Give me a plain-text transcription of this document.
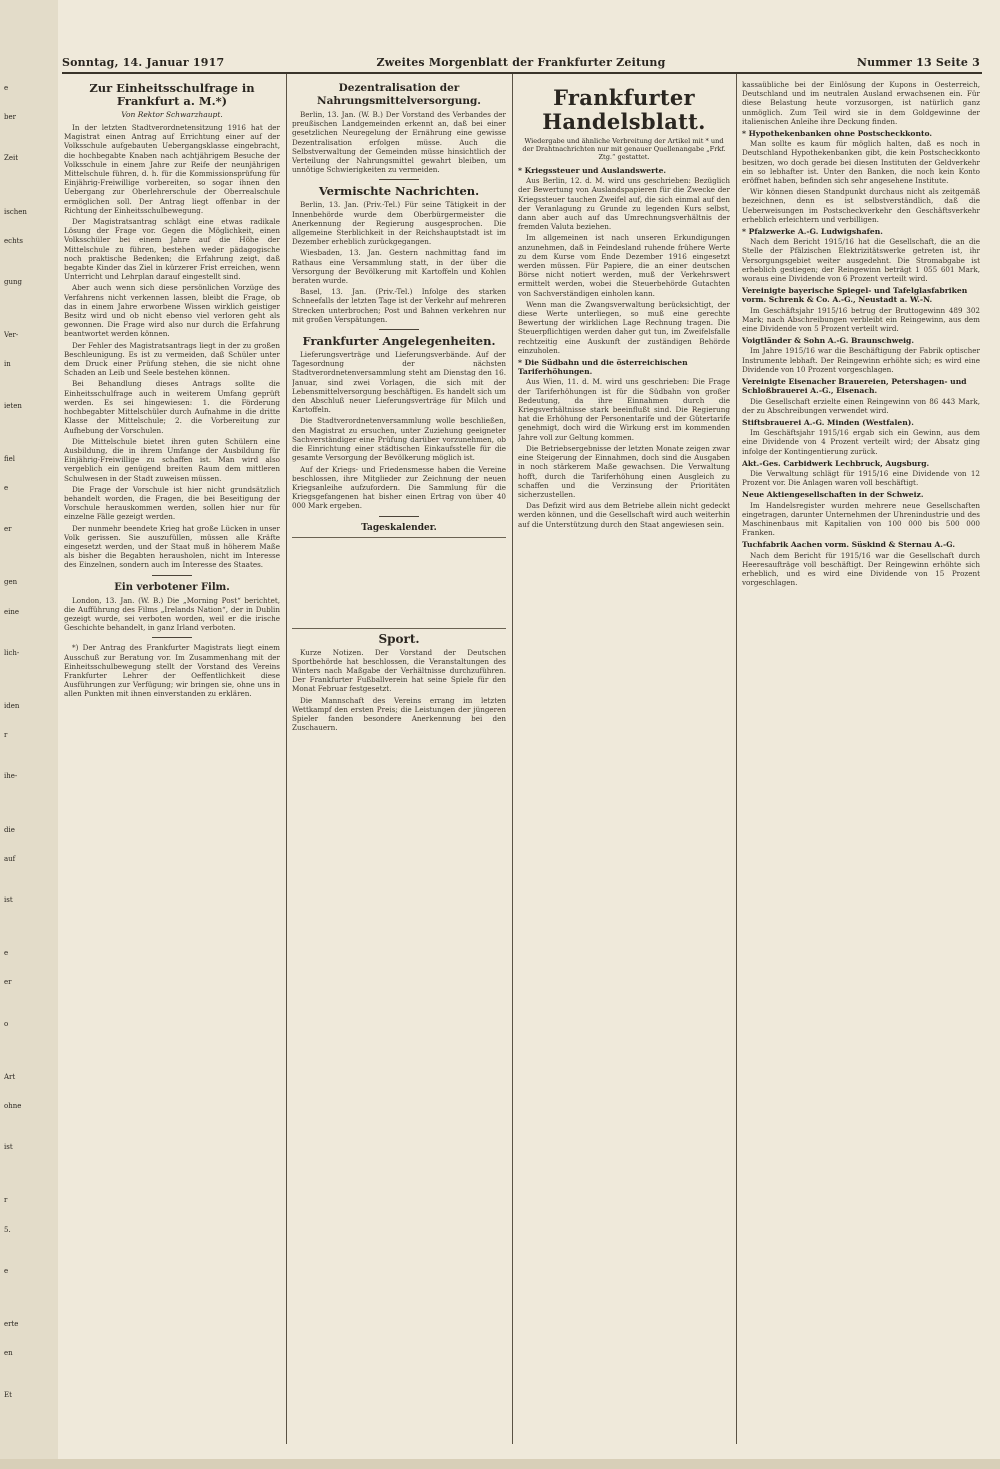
e
ber
Zeit
ischen
echts
gung
Ver-
in
ieten
fiel
e
er
gen
eine
lich-
iden
r
ihe-
die
auf
ist
e
er
o
Art
ohne
ist
r
5.
e
erte
en
Et
Sonntag, 14. Januar 1917	Zweites Morgenblatt der Frankfurter Zeitung	Nummer 13 Seite 3
Zur Einheitsschulfrage in Frankfurt a. M.*)
Von Rektor Schwarzhaupt.

In der letzten Stadtverordnetensitzung 1916 hat der Magistrat einen Antrag auf Errichtung einer auf der Volksschule aufgebauten Uebergangsklasse eingebracht, die hochbegabte Knaben nach achtjährigem Besuche der Volksschule in einem Jahre zur Reife der neunjährigen Mittelschule führen, d. h. für die Kommissionsprüfung für Einjährig-Freiwillige vorbereiten, so sogar ihnen den Uebergang zur Oberlehrerschule der Oberrealschule ermöglichen soll. Der Antrag liegt offenbar in der Richtung der Einheitsschulbewegung.

Der Magistratsantrag schlägt eine etwas radikale Lösung der Frage vor. Gegen die Möglichkeit, einen Volksschüler bei einem Jahre auf die Höhe der Mittelschule zu führen, bestehen weder pädagogische noch praktische Bedenken; die Erfahrung zeigt, daß begabte Kinder das Ziel in kürzerer Frist erreichen, wenn Unterricht und Lehrplan darauf eingestellt sind.

Aber auch wenn sich diese persönlichen Vorzüge des Verfahrens nicht verkennen lassen, bleibt die Frage, ob das in einem Jahre erworbene Wissen wirklich geistiger Besitz wird und ob nicht ebenso viel verloren geht als gewonnen. Die Frage wird also nur durch die Erfahrung beantwortet werden können.

Der Fehler des Magistratsantrags liegt in der zu großen Beschleunigung. Es ist zu vermeiden, daß Schüler unter dem Druck einer Prüfung stehen, die sie nicht ohne Schaden an Leib und Seele bestehen können.

Bei Behandlung dieses Antrags sollte die Einheitsschulfrage auch in weiterem Umfang geprüft werden. Es sei hingewiesen: 1. die Förderung hochbegabter Mittelschüler durch Aufnahme in die dritte Klasse der Mittelschule; 2. die Vorbereitung zur Aufhebung der Vorschulen.

Die Mittelschule bietet ihren guten Schülern eine Ausbildung, die in ihrem Umfange der Ausbildung für Einjährig-Freiwillige zu schaffen ist. Man wird also vergeblich ein genügend breiten Raum dem mittleren Schulwesen in der Stadt zuweisen müssen.

Die Frage der Vorschule ist hier nicht grundsätzlich behandelt worden, die Fragen, die bei Beseitigung der Vorschule herauskommen werden, sollen hier nur für einzelne Fälle gezeigt werden.

Der nunmehr beendete Krieg hat große Lücken in unser Volk gerissen. Sie auszufüllen, müssen alle Kräfte eingesetzt werden, und der Staat muß in höherem Maße als bisher die Begabten herausholen, nicht im Interesse des Einzelnen, sondern auch im Interesse des Staates.

Ein verbotener Film.

London, 13. Jan. (W. B.) Die „Morning Post“ berichtet, die Aufführung des Films „Irelands Nation“, der in Dublin gezeigt wurde, sei verboten worden, weil er die irische Geschichte behandelt, in ganz Irland verboten.

*) Der Antrag des Frankfurter Magistrats liegt einem Ausschuß zur Beratung vor. Im Zusammenhang mit der Einheitsschulbewegung stellt der Vorstand des Vereins Frankfurter Lehrer der Oeffentlichkeit diese Ausführungen zur Verfügung; wir bringen sie, ohne uns in allen Punkten mit ihnen einverstanden zu erklären.

Dezentralisation der Nahrungsmittelversorgung.

Berlin, 13. Jan. (W. B.) Der Vorstand des Verbandes der preußischen Landgemeinden erkennt an, daß bei einer gesetzlichen Neuregelung der Ernährung eine gewisse Dezentralisation erfolgen müsse. Auch die Selbstverwaltung der Gemeinden müsse hinsichtlich der Verteilung der Nahrungsmittel gewahrt bleiben, um unnötige Schwierigkeiten zu vermeiden.

Vermischte Nachrichten.

Berlin, 13. Jan. (Priv.-Tel.) Für seine Tätigkeit in der Innenbehörde wurde dem Oberbürgermeister die Anerkennung der Regierung ausgesprochen. Die allgemeine Sterblichkeit in der Reichshauptstadt ist im Dezember erheblich zurückgegangen.

Wiesbaden, 13. Jan. Gestern nachmittag fand im Rathaus eine Versammlung statt, in der über die Versorgung der Bevölkerung mit Kartoffeln und Kohlen beraten wurde.

Basel, 13. Jan. (Priv.-Tel.) Infolge des starken Schneefalls der letzten Tage ist der Verkehr auf mehreren Strecken unterbrochen; Post und Bahnen verkehren nur mit großen Verspätungen.

Frankfurter Angelegenheiten.

Lieferungsverträge und Lieferungsverbände. Auf der Tagesordnung der nächsten Stadtverordnetenversammlung steht am Dienstag den 16. Januar, sind zwei Vorlagen, die sich mit der Lebensmittelversorgung beschäftigen. Es handelt sich um den Abschluß neuer Lieferungsverträge für Milch und Kartoffeln.

Die Stadtverordnetenversammlung wolle beschließen, den Magistrat zu ersuchen, unter Zuziehung geeigneter Sachverständiger eine Prüfung darüber vorzunehmen, ob die Einrichtung einer städtischen Einkaufsstelle für die gesamte Versorgung der Bevölkerung möglich ist.

Auf der Kriegs- und Friedensmesse haben die Vereine beschlossen, ihre Mitglieder zur Zeichnung der neuen Kriegsanleihe aufzufordern. Die Sammlung für die Kriegsgefangenen hat bisher einen Ertrag von über 40 000 Mark ergeben.

Tageskalender.
Sport.

Kurze Notizen. Der Vorstand der Deutschen Sportbehörde hat beschlossen, die Veranstaltungen des Winters nach Maßgabe der Verhältnisse durchzuführen. Der Frankfurter Fußballverein hat seine Spiele für den Monat Februar festgesetzt.

Die Mannschaft des Vereins errang im letzten Wettkampf den ersten Preis; die Leistungen der jüngeren Spieler fanden besondere Anerkennung bei den Zuschauern.

Frankfurter Handelsblatt.
Wiedergabe und ähnliche Verbreitung der Artikel mit * und der Drahtnachrichten nur mit genauer Quellenangabe „Frkf. Ztg.“ gestattet.
* Kriegssteuer und Auslandswerte.

Aus Berlin, 12. d. M. wird uns geschrieben: Bezüglich der Bewertung von Auslandspapieren für die Zwecke der Kriegssteuer tauchen Zweifel auf, die sich einmal auf den der Veranlagung zu Grunde zu legenden Kurs selbst, dann aber auch auf das Umrechnungsverhältnis der fremden Valuta beziehen.

Im allgemeinen ist nach unseren Erkundigungen anzunehmen, daß in Feindesland ruhende frühere Werte zu dem Kurse vom Ende Dezember 1916 eingesetzt werden müssen. Für Papiere, die an einer deutschen Börse nicht notiert werden, muß der Verkehrswert ermittelt werden, wobei die Steuerbehörde Gutachten von Sachverständigen einholen kann.

Wenn man die Zwangsverwaltung berücksichtigt, der diese Werte unterliegen, so muß eine gerechte Bewertung der wirklichen Lage Rechnung tragen. Die Steuerpflichtigen werden daher gut tun, im Zweifelsfalle rechtzeitig eine Auskunft der zuständigen Behörde einzuholen.

* Die Südbahn und die österreichischen Tariferhöhungen.

Aus Wien, 11. d. M. wird uns geschrieben: Die Frage der Tariferhöhungen ist für die Südbahn von großer Bedeutung, da ihre Einnahmen durch die Kriegsverhältnisse stark beeinflußt sind. Die Regierung hat die Erhöhung der Personentarife und der Gütertarife genehmigt, doch wird die Wirkung erst im kommenden Jahre voll zur Geltung kommen.

Die Betriebsergebnisse der letzten Monate zeigen zwar eine Steigerung der Einnahmen, doch sind die Ausgaben in noch stärkerem Maße gewachsen. Die Verwaltung hofft, durch die Tariferhöhung einen Ausgleich zu schaffen und die Verzinsung der Prioritäten sicherzustellen.

Das Defizit wird aus dem Betriebe allein nicht gedeckt werden können, und die Gesellschaft wird auch weiterhin auf die Unterstützung durch den Staat angewiesen sein.

kassaübliche bei der Einlösung der Kupons in Oesterreich, Deutschland und im neutralen Ausland erwachsenen ein. Für diese Belastung heute vorzusorgen, ist natürlich ganz unmöglich. Zum Teil wird sie in dem Goldgewinne der italienischen Anleihe ihre Deckung finden.

* Hypothekenbanken ohne Postscheckkonto.

Man sollte es kaum für möglich halten, daß es noch in Deutschland Hypothekenbanken gibt, die kein Postscheckkonto besitzen, wo doch gerade bei diesen Instituten der Geldverkehr ein so lebhafter ist. Unter den Banken, die noch kein Konto eröffnet haben, befinden sich sehr angesehene Institute.

Wir können diesen Standpunkt durchaus nicht als zeitgemäß bezeichnen, denn es ist selbstverständlich, daß die Ueberweisungen im Postscheckverkehr den Geschäftsverkehr erheblich erleichtern und verbilligen.

* Pfalzwerke A.-G. Ludwigshafen.

Nach dem Bericht 1915/16 hat die Gesellschaft, die an die Stelle der Pfälzischen Elektrizitätswerke getreten ist, ihr Versorgungsgebiet weiter ausgedehnt. Die Stromabgabe ist erheblich gestiegen; der Reingewinn beträgt 1 055 601 Mark, woraus eine Dividende von 6 Prozent verteilt wird.

Vereinigte bayerische Spiegel- und Tafelglasfabriken vorm. Schrenk & Co. A.-G., Neustadt a. W.-N.

Im Geschäftsjahr 1915/16 betrug der Bruttogewinn 489 302 Mark; nach Abschreibungen verbleibt ein Reingewinn, aus dem eine Dividende von 5 Prozent verteilt wird.

Voigtländer & Sohn A.-G. Braunschweig.

Im Jahre 1915/16 war die Beschäftigung der Fabrik optischer Instrumente lebhaft. Der Reingewinn erhöhte sich; es wird eine Dividende von 10 Prozent vorgeschlagen.

Vereinigte Eisenacher Brauereien, Petershagen- und Schloßbrauerei A.-G., Eisenach.

Die Gesellschaft erzielte einen Reingewinn von 86 443 Mark, der zu Abschreibungen verwendet wird.

Stiftsbrauerei A.-G. Minden (Westfalen).

Im Geschäftsjahr 1915/16 ergab sich ein Gewinn, aus dem eine Dividende von 4 Prozent verteilt wird; der Absatz ging infolge der Kontingentierung zurück.

Akt.-Ges. Carbidwerk Lechbruck, Augsburg.

Die Verwaltung schlägt für 1915/16 eine Dividende von 12 Prozent vor. Die Anlagen waren voll beschäftigt.

Neue Aktiengesellschaften in der Schweiz.

Im Handelsregister wurden mehrere neue Gesellschaften eingetragen, darunter Unternehmen der Uhrenindustrie und des Maschinenbaus mit Kapitalien von 100 000 bis 500 000 Franken.

Tuchfabrik Aachen vorm. Süskind & Sternau A.-G.

Nach dem Bericht für 1915/16 war die Gesellschaft durch Heeresaufträge voll beschäftigt. Der Reingewinn erhöhte sich erheblich, und es wird eine Dividende von 15 Prozent vorgeschlagen.
